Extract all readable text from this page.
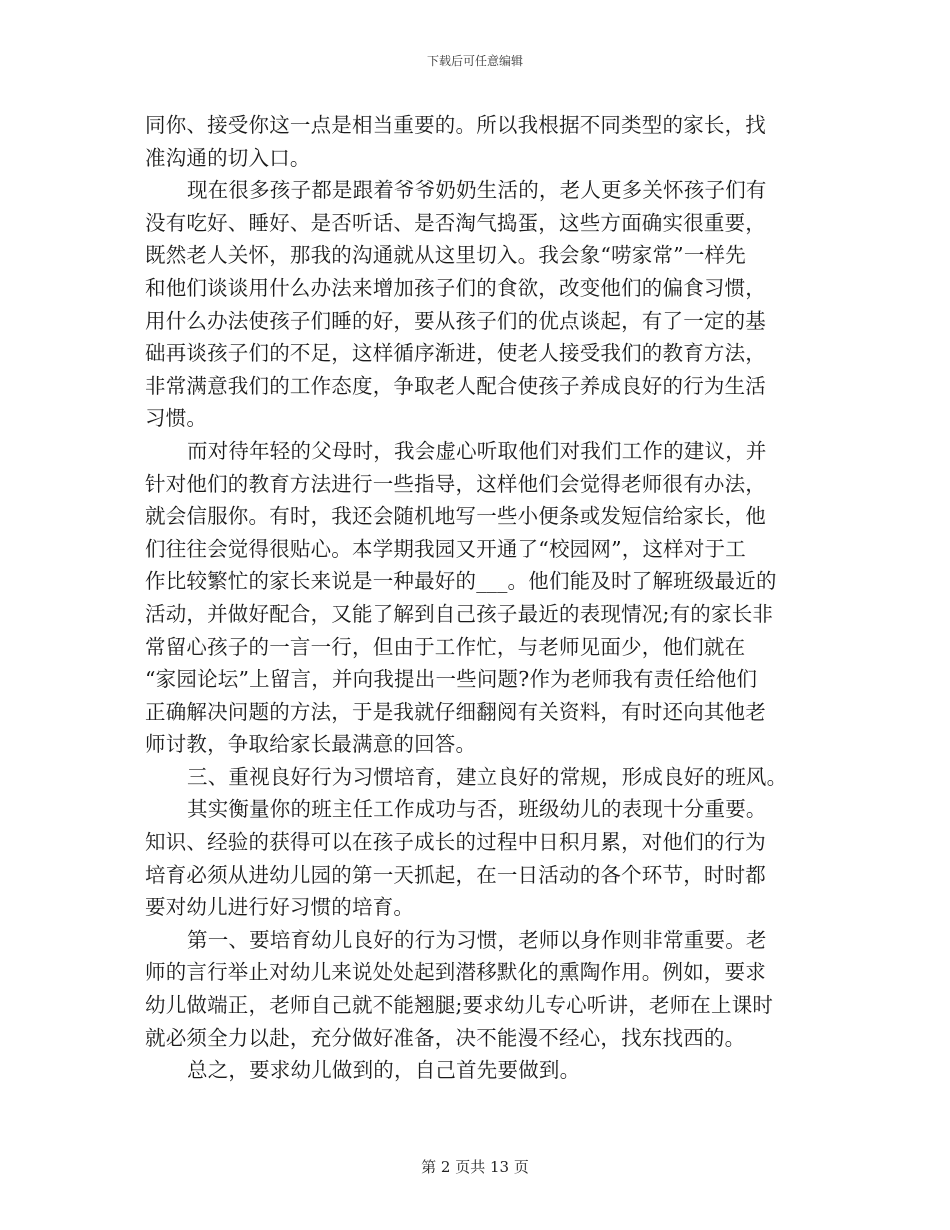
下载后可任意编辑
同你、接受你这一点是相当重要的。所以我根据不同类型的家长，找
准沟通的切入口。
现在很多孩子都是跟着爷爷奶奶生活的，老人更多关怀孩子们有
没有吃好、睡好、是否听话、是否淘气捣蛋，这些方面确实很重要，
既然老人关怀，那我的沟通就从这里切入。我会象“唠家常”一样先
和他们谈谈用什么办法来增加孩子们的食欲，改变他们的偏食习惯，
用什么办法使孩子们睡的好，要从孩子们的优点谈起，有了一定的基
础再谈孩子们的不足，这样循序渐进，使老人接受我们的教育方法，
非常满意我们的工作态度，争取老人配合使孩子养成良好的行为生活
习惯。
而对待年轻的父母时，我会虚心听取他们对我们工作的建议，并
针对他们的教育方法进行一些指导，这样他们会觉得老师很有办法，
就会信服你。有时，我还会随机地写一些小便条或发短信给家长，他
们往往会觉得很贴心。本学期我园又开通了“校园网”，这样对于工
作比较繁忙的家长来说是一种最好的___。他们能及时了解班级最近的
活动，并做好配合，又能了解到自己孩子最近的表现情况;有的家长非
常留心孩子的一言一行，但由于工作忙，与老师见面少，他们就在
“家园论坛”上留言，并向我提出一些问题?作为老师我有责任给他们
正确解决问题的方法，于是我就仔细翻阅有关资料，有时还向其他老
师讨教，争取给家长最满意的回答。
三、重视良好行为习惯培育，建立良好的常规，形成良好的班风。
其实衡量你的班主任工作成功与否，班级幼儿的表现十分重要。
知识、经验的获得可以在孩子成长的过程中日积月累，对他们的行为
培育必须从进幼儿园的第一天抓起，在一日活动的各个环节，时时都
要对幼儿进行好习惯的培育。
第一、要培育幼儿良好的行为习惯，老师以身作则非常重要。老
师的言行举止对幼儿来说处处起到潜移默化的熏陶作用。例如，要求
幼儿做端正，老师自己就不能翘腿;要求幼儿专心听讲，老师在上课时
就必须全力以赴，充分做好准备，决不能漫不经心，找东找西的。
总之，要求幼儿做到的，自己首先要做到。
第 2 页共 13 页
